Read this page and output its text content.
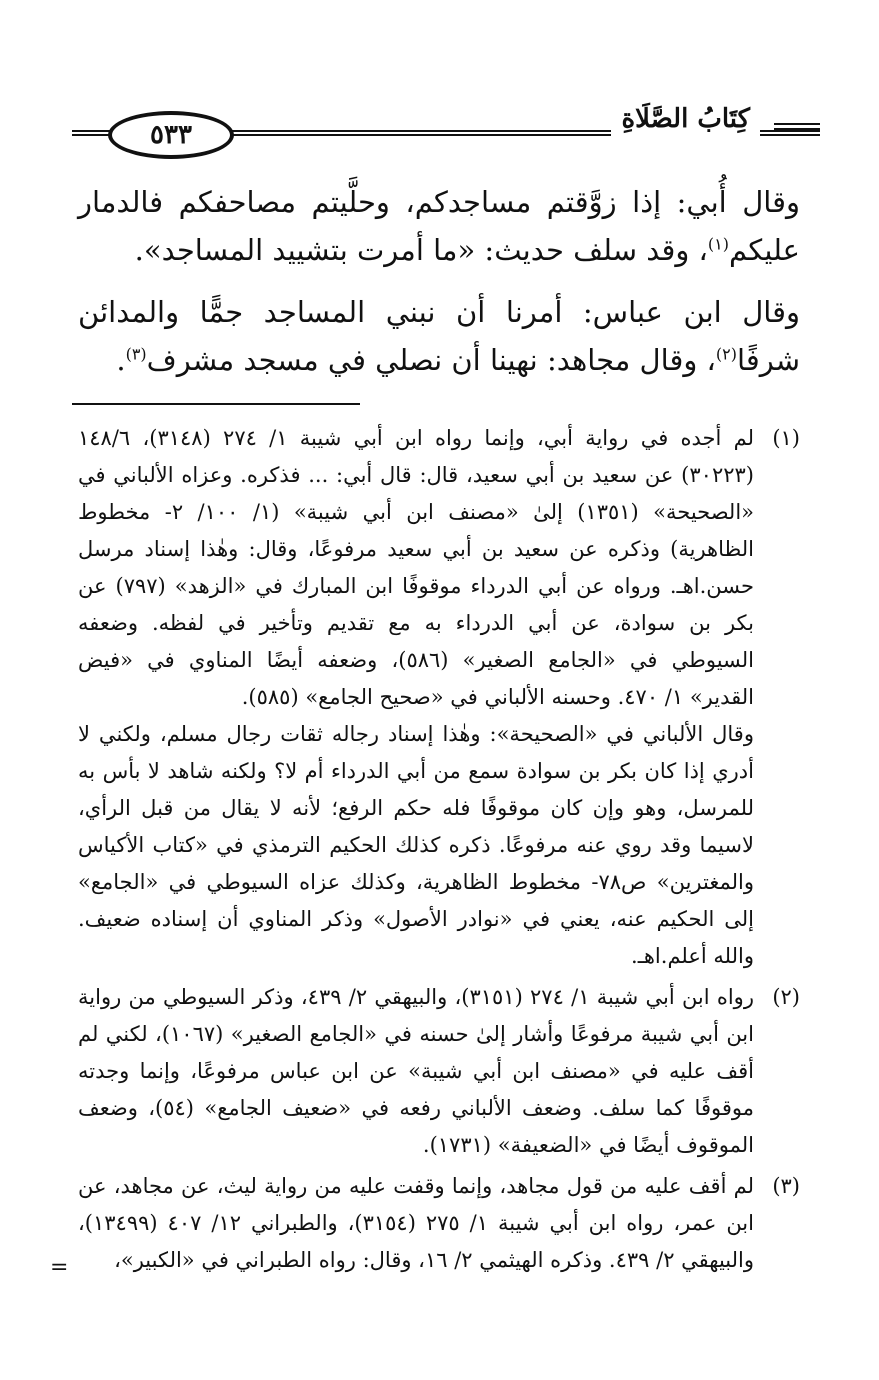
كِتَابُ الصَّلَاةِ
٥٣٣

وقال أُبي: إذا زوَّقتم مساجدكم، وحلَّيتم مصاحفكم فالدمار عليكم$^{(١)}$، وقد سلف حديث: «ما أمرت بتشييد المساجد».

وقال ابن عباس: أمرنا أن نبني المساجد جمًّا والمدائن شرفًا$^{(٢)}$، وقال مجاهد: نهينا أن نصلي في مسجد مشرف$^{(٣)}$.

(١)

لم أجده في رواية أبي، وإنما رواه ابن أبي شيبة ١/ ٢٧٤ (٣١٤٨)، ١٤٨/٦ (٣٠٢٢٣) عن سعيد بن أبي سعيد، قال: قال أبي: ... فذكره. وعزاه الألباني في «الصحيحة» (١٣٥١) إلىٰ «مصنف ابن أبي شيبة» (١/ ١٠٠/ ٢- مخطوط الظاهرية) وذكره عن سعيد بن أبي سعيد مرفوعًا، وقال: وهٰذا إسناد مرسل حسن.اهـ. ورواه عن أبي الدرداء موقوفًا ابن المبارك في «الزهد» (٧٩٧) عن بكر بن سوادة، عن أبي الدرداء به مع تقديم وتأخير في لفظه. وضعفه السيوطي في «الجامع الصغير» (٥٨٦)، وضعفه أيضًا المناوي في «فيض القدير» ١/ ٤٧٠. وحسنه الألباني في «صحيح الجامع» (٥٨٥).

وقال الألباني في «الصحيحة»: وهٰذا إسناد رجاله ثقات رجال مسلم، ولكني لا أدري إذا كان بكر بن سوادة سمع من أبي الدرداء أم لا؟ ولكنه شاهد لا بأس به للمرسل، وهو وإن كان موقوفًا فله حكم الرفع؛ لأنه لا يقال من قبل الرأي، لاسيما وقد روي عنه مرفوعًا. ذكره كذلك الحكيم الترمذي في «كتاب الأكياس والمغترين» ص٧٨- مخطوط الظاهرية، وكذلك عزاه السيوطي في «الجامع» إلى الحكيم عنه، يعني في «نوادر الأصول» وذكر المناوي أن إسناده ضعيف. والله أعلم.اهـ.

(٢)

رواه ابن أبي شيبة ١/ ٢٧٤ (٣١٥١)، والبيهقي ٢/ ٤٣٩، وذكر السيوطي من رواية ابن أبي شيبة مرفوعًا وأشار إلىٰ حسنه في «الجامع الصغير» (١٠٦٧)، لكني لم أقف عليه في «مصنف ابن أبي شيبة» عن ابن عباس مرفوعًا، وإنما وجدته موقوفًا كما سلف. وضعف الألباني رفعه في «ضعيف الجامع» (٥٤)، وضعف الموقوف أيضًا في «الضعيفة» (١٧٣١).

(٣)

لم أقف عليه من قول مجاهد، وإنما وقفت عليه من رواية ليث، عن مجاهد، عن ابن عمر، رواه ابن أبي شيبة ١/ ٢٧٥ (٣١٥٤)، والطبراني ١٢/ ٤٠٧ (١٣٤٩٩)، والبيهقي ٢/ ٤٣٩. وذكره الهيثمي ٢/ ١٦، وقال: رواه الطبراني في «الكبير»،

=
